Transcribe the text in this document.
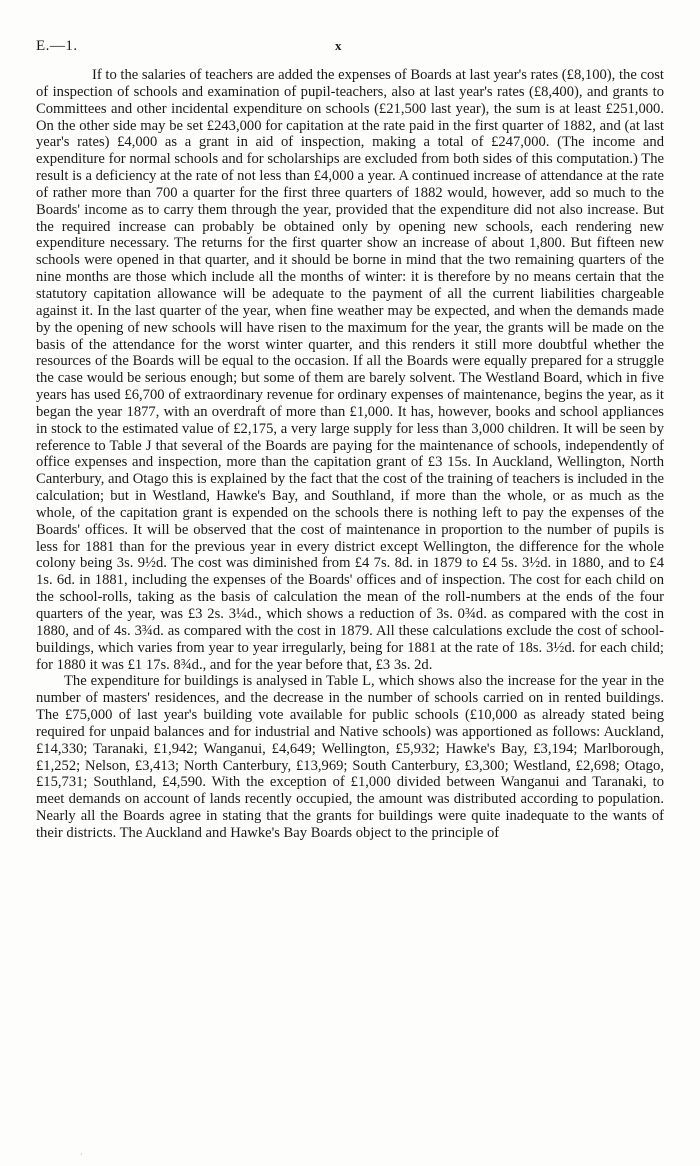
E.—1.	x

If to the salaries of teachers are added the expenses of Boards at last year's rates (£8,100), the cost of inspection of schools and examination of pupil-teachers, also at last year's rates (£8,400), and grants to Committees and other incidental expenditure on schools (£21,500 last year), the sum is at least £251,000. On the other side may be set £243,000 for capitation at the rate paid in the first quarter of 1882, and (at last year's rates) £4,000 as a grant in aid of inspection, making a total of £247,000. (The income and expenditure for normal schools and for scholarships are excluded from both sides of this computation.) The result is a deficiency at the rate of not less than £4,000 a year. A continued increase of attendance at the rate of rather more than 700 a quarter for the first three quarters of 1882 would, however, add so much to the Boards' income as to carry them through the year, provided that the expenditure did not also increase. But the required increase can probably be obtained only by opening new schools, each rendering new expenditure necessary. The returns for the first quarter show an increase of about 1,800. But fifteen new schools were opened in that quarter, and it should be borne in mind that the two remaining quarters of the nine months are those which include all the months of winter: it is therefore by no means certain that the statutory capitation allowance will be adequate to the payment of all the current liabilities chargeable against it. In the last quarter of the year, when fine weather may be expected, and when the demands made by the opening of new schools will have risen to the maximum for the year, the grants will be made on the basis of the attendance for the worst winter quarter, and this renders it still more doubtful whether the resources of the Boards will be equal to the occasion. If all the Boards were equally prepared for a struggle the case would be serious enough; but some of them are barely solvent. The Westland Board, which in five years has used £6,700 of extraordinary revenue for ordinary expenses of maintenance, begins the year, as it began the year 1877, with an overdraft of more than £1,000. It has, however, books and school appliances in stock to the estimated value of £2,175, a very large supply for less than 3,000 children. It will be seen by reference to Table J that several of the Boards are paying for the maintenance of schools, independently of office expenses and inspection, more than the capitation grant of £3 15s. In Auckland, Wellington, North Canterbury, and Otago this is explained by the fact that the cost of the training of teachers is included in the calculation; but in Westland, Hawke's Bay, and Southland, if more than the whole, or as much as the whole, of the capitation grant is expended on the schools there is nothing left to pay the expenses of the Boards' offices. It will be observed that the cost of maintenance in proportion to the number of pupils is less for 1881 than for the previous year in every district except Wellington, the difference for the whole colony being 3s. 9½d. The cost was diminished from £4 7s. 8d. in 1879 to £4 5s. 3½d. in 1880, and to £4 1s. 6d. in 1881, including the expenses of the Boards' offices and of inspection. The cost for each child on the school-rolls, taking as the basis of calculation the mean of the roll-numbers at the ends of the four quarters of the year, was £3 2s. 3¼d., which shows a reduction of 3s. 0¾d. as compared with the cost in 1880, and of 4s. 3¾d. as compared with the cost in 1879. All these calculations exclude the cost of school-buildings, which varies from year to year irregularly, being for 1881 at the rate of 18s. 3½d. for each child; for 1880 it was £1 17s. 8¾d., and for the year before that, £3 3s. 2d.

The expenditure for buildings is analysed in Table L, which shows also the increase for the year in the number of masters' residences, and the decrease in the number of schools carried on in rented buildings. The £75,000 of last year's building vote available for public schools (£10,000 as already stated being required for unpaid balances and for industrial and Native schools) was apportioned as follows: Auckland, £14,330; Taranaki, £1,942; Wanganui, £4,649; Wellington, £5,932; Hawke's Bay, £3,194; Marlborough, £1,252; Nelson, £3,413; North Canterbury, £13,969; South Canterbury, £3,300; Westland, £2,698; Otago, £15,731; Southland, £4,590. With the exception of £1,000 divided between Wanganui and Taranaki, to meet demands on account of lands recently occupied, the amount was distributed according to population. Nearly all the Boards agree in stating that the grants for buildings were quite inadequate to the wants of their districts. The Auckland and Hawke's Bay Boards object to the principle of

·
